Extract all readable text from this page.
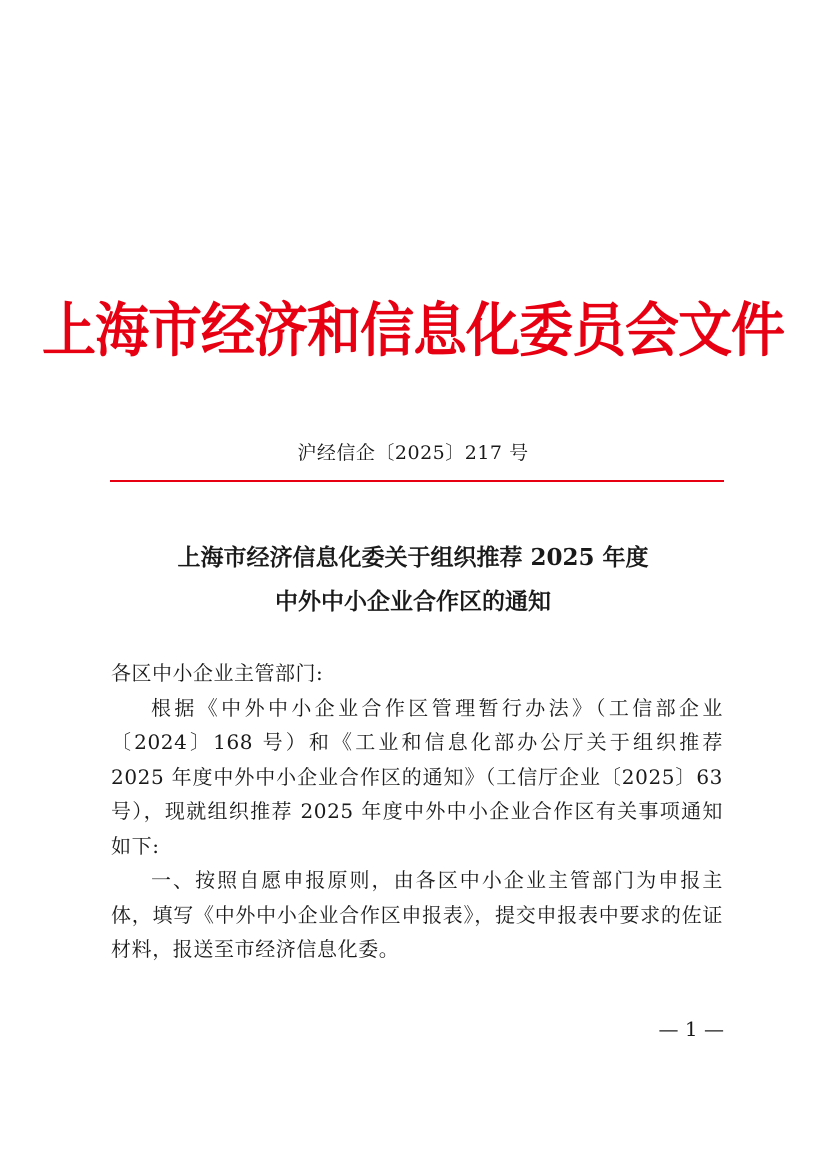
上海市经济和信息化委员会文件
沪经信企〔2025〕217 号
上海市经济信息化委关于组织推荐 2025 年度
中外中小企业合作区的通知
各区中小企业主管部门:
根据《中外中小企业合作区管理暂行办法》（工信部企业〔2024〕168 号）和《工业和信息化部办公厅关于组织推荐 2025 年度中外中小企业合作区的通知》（工信厅企业〔2025〕63 号），现就组织推荐 2025 年度中外中小企业合作区有关事项通知如下:
一、按照自愿申报原则，由各区中小企业主管部门为申报主体，填写《中外中小企业合作区申报表》，提交申报表中要求的佐证材料，报送至市经济信息化委。
— 1 —
